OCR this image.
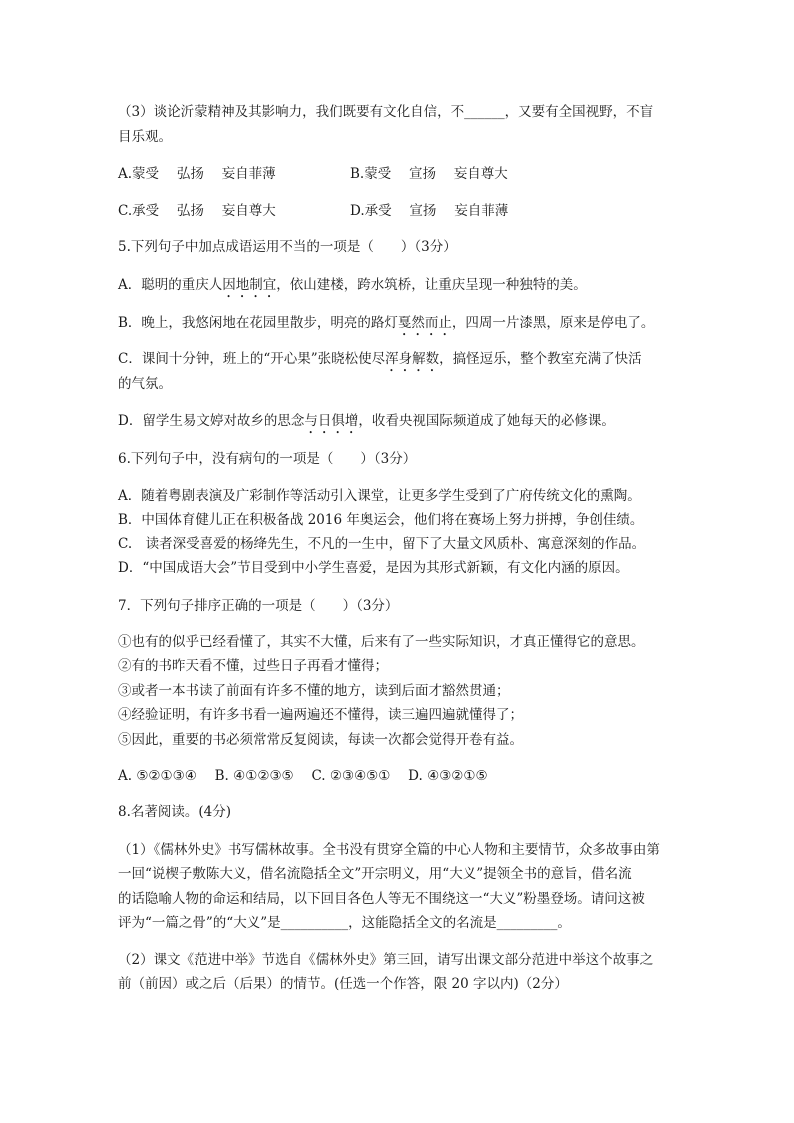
（3）谈论沂蒙精神及其影响力，我们既要有文化自信，不______，又要有全国视野，不盲
目乐观。
A.蒙受　 弘扬　 妄自菲薄	B.蒙受　 宣扬　 妄自尊大
C.承受　 弘扬　 妄自尊大	D.承受　 宣扬　 妄自菲薄
5.下列句子中加点成语运用不当的一项是（　　）（3分）
A．聪明的重庆人因地制宜，依山建楼，跨水筑桥，让重庆呈现一种独特的美。
B．晚上，我悠闲地在花园里散步，明亮的路灯戛然而止，四周一片漆黑，原来是停电了。
C．课间十分钟，班上的“开心果”张晓松使尽浑身解数，搞怪逗乐，整个教室充满了快活
的气氛。
D．留学生易文婷对故乡的思念与日俱增，收看央视国际频道成了她每天的必修课。
6.下列句子中，没有病句的一项是（　　）（3分）
A．随着粤剧表演及广彩制作等活动引入课堂，让更多学生受到了广府传统文化的熏陶。
B．中国体育健儿正在积极备战 2016 年奥运会，他们将在赛场上努力拼搏，争创佳绩。
C.　读者深受喜爱的杨绛先生，不凡的一生中，留下了大量文风质朴、寓意深刻的作品。
D．“中国成语大会”节目受到中小学生喜爱，是因为其形式新颖，有文化内涵的原因。
7．下列句子排序正确的一项是（　　）（3分）
①也有的似乎已经看懂了，其实不大懂，后来有了一些实际知识，才真正懂得它的意思。
②有的书昨天看不懂，过些日子再看才懂得；
③或者一本书读了前面有许多不懂的地方，读到后面才豁然贯通；
④经验证明，有许多书看一遍两遍还不懂得，读三遍四遍就懂得了；
⑤因此，重要的书必须常常反复阅读，每读一次都会觉得开卷有益。
A. ⑤②①③④　 B. ④①②③⑤　 C. ②③④⑤①　 D. ④③②①⑤
8.名著阅读。(4分)
（1）《儒林外史》书写儒林故事。全书没有贯穿全篇的中心人物和主要情节，众多故事由第
一回“说楔子敷陈大义，借名流隐括全文”开宗明义，用“大义”提领全书的意旨，借名流
的话隐喻人物的命运和结局，以下回目各色人等无不围绕这一“大义”粉墨登场。请问这被
评为“一篇之骨”的“大义”是__________，这能隐括全文的名流是_________。
（2）课文《范进中举》节选自《儒林外史》第三回，请写出课文部分范进中举这个故事之
前（前因）或之后（后果）的情节。(任选一个作答，限 20 字以内)（2分）
